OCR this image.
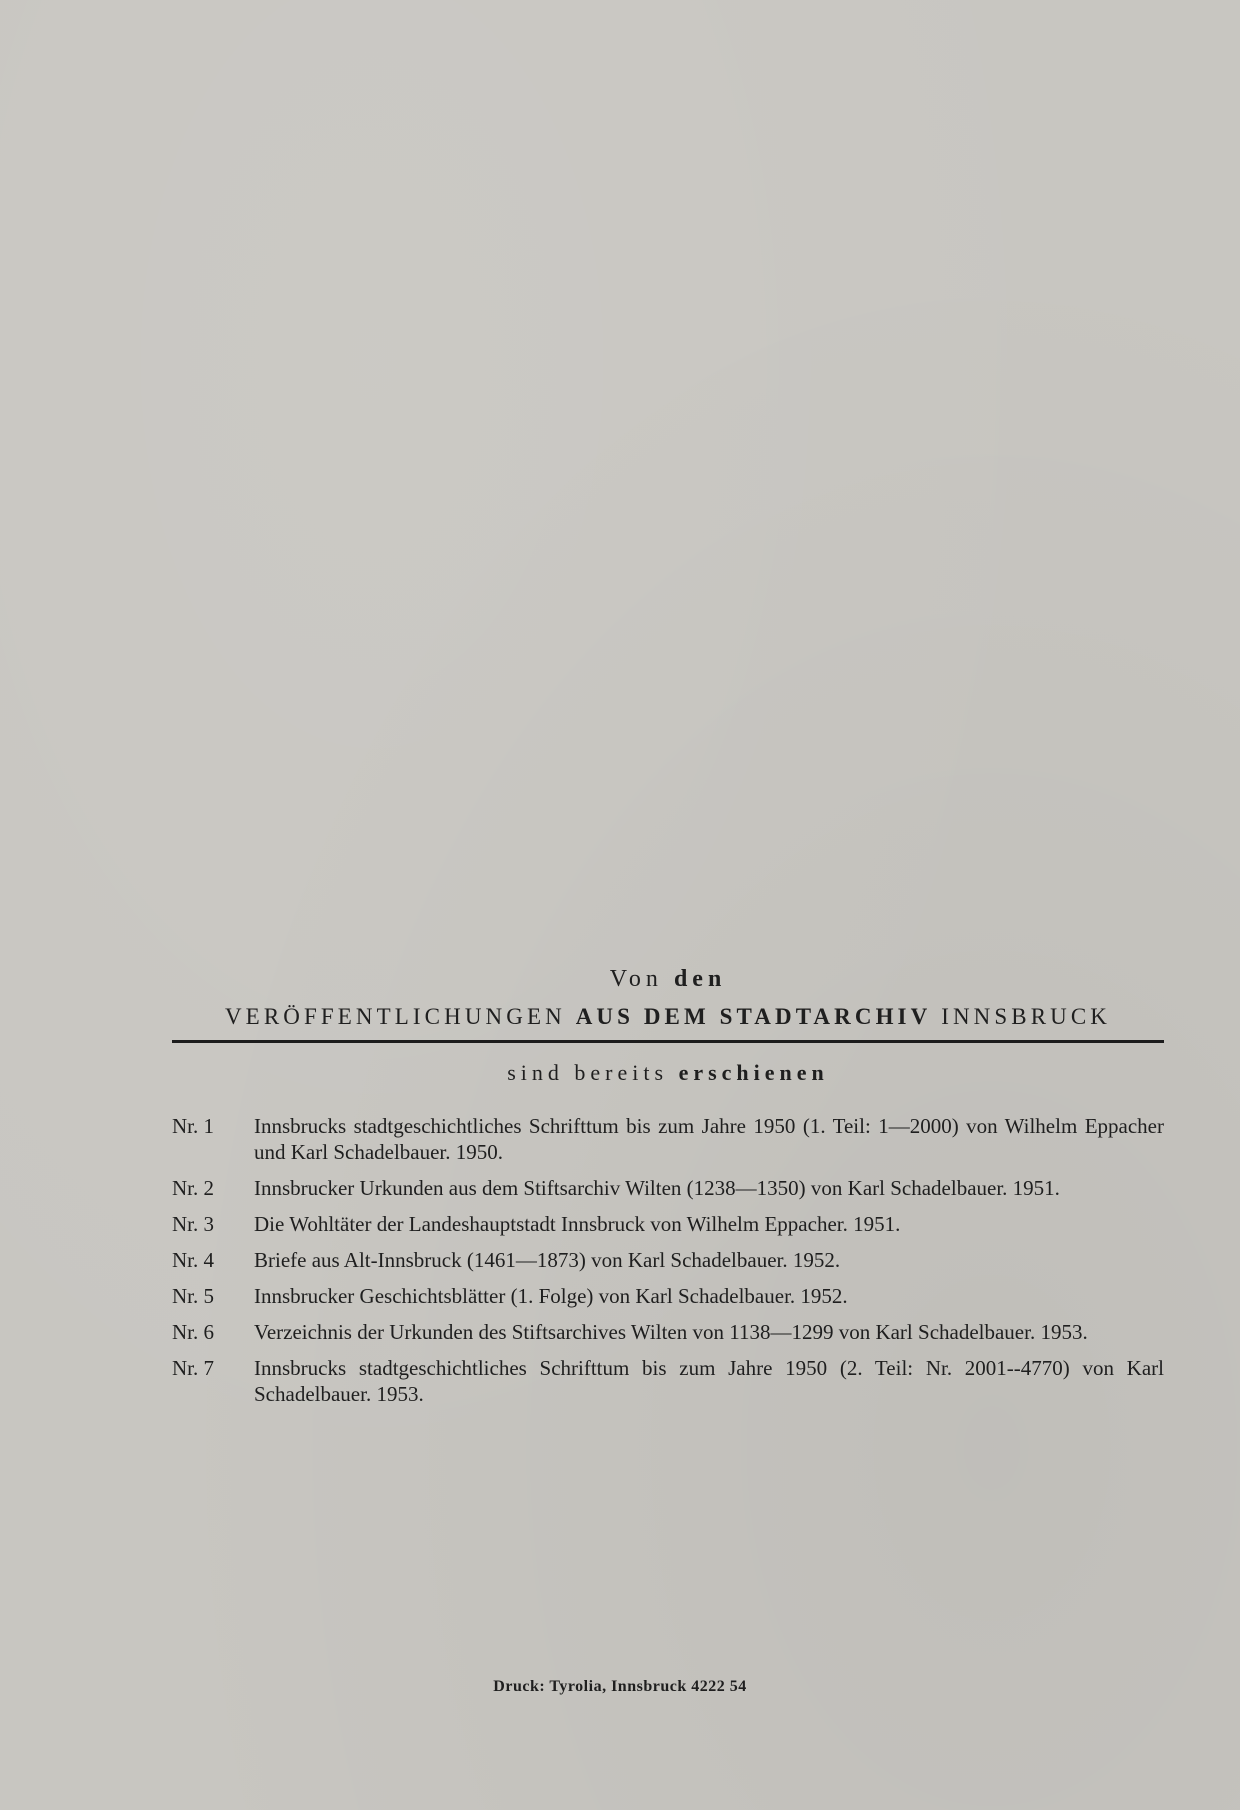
Von den
VERÖFFENTLICHUNGEN AUS DEM STADTARCHIV INNSBRUCK
sind bereits erschienen
Nr. 1	Innsbrucks stadtgeschichtliches Schrifttum bis zum Jahre 1950 (1. Teil: 1—2000) von Wilhelm Eppacher und Karl Schadelbauer. 1950.
Nr. 2	Innsbrucker Urkunden aus dem Stiftsarchiv Wilten (1238—1350) von Karl Schadelbauer. 1951.
Nr. 3	Die Wohltäter der Landeshauptstadt Innsbruck von Wilhelm Eppacher. 1951.
Nr. 4	Briefe aus Alt-Innsbruck (1461—1873) von Karl Schadelbauer. 1952.
Nr. 5	Innsbrucker Geschichtsblätter (1. Folge) von Karl Schadelbauer. 1952.
Nr. 6	Verzeichnis der Urkunden des Stiftsarchives Wilten von 1138—1299 von Karl Schadelbauer. 1953.
Nr. 7	Innsbrucks stadtgeschichtliches Schrifttum bis zum Jahre 1950 (2. Teil: Nr. 2001--4770) von Karl Schadelbauer. 1953.
Druck: Tyrolia, Innsbruck 4222 54
